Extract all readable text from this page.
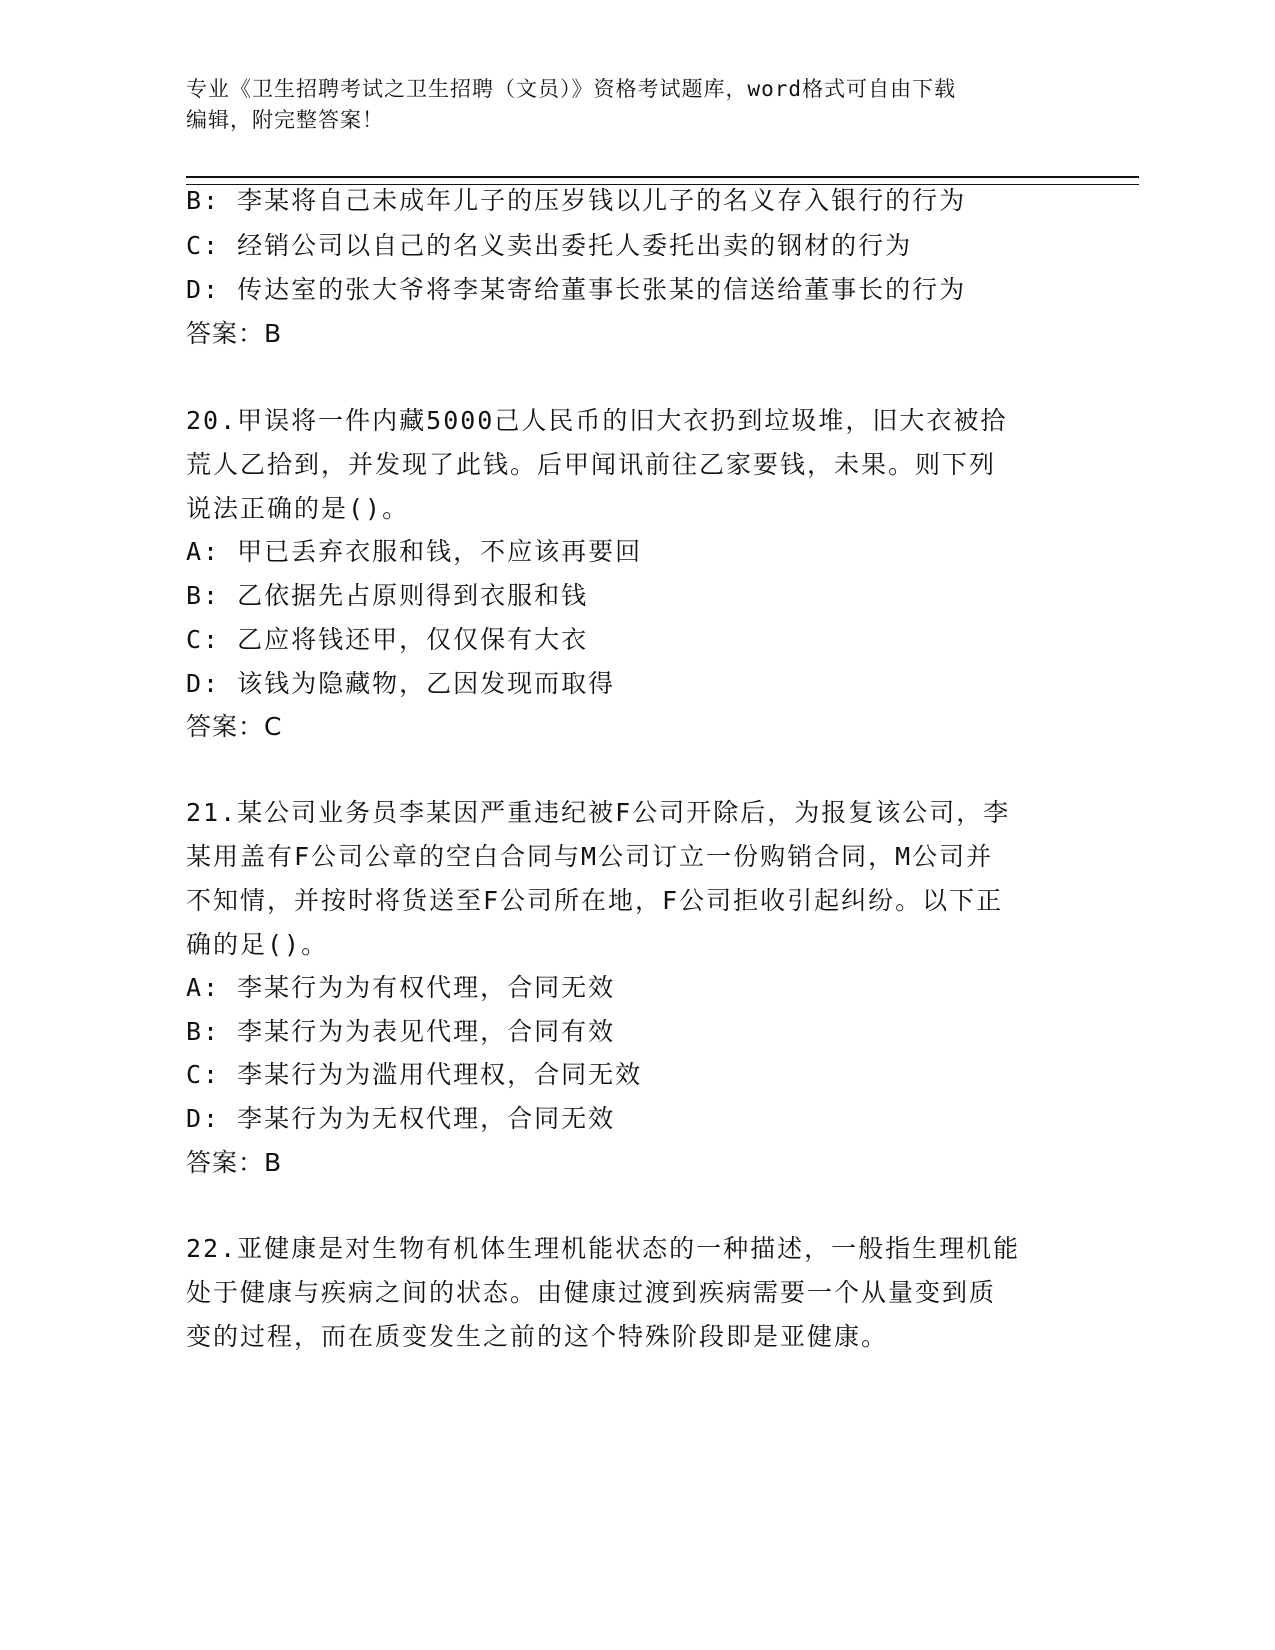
专业《卫生招聘考试之卫生招聘（文员）》资格考试题库，word格式可自由下载
编辑，附完整答案！
B: 李某将自己未成年儿子的压岁钱以儿子的名义存入银行的行为
C: 经销公司以自己的名义卖出委托人委托出卖的钢材的行为
D: 传达室的张大爷将李某寄给董事长张某的信送给董事长的行为
答案：B
20.甲误将一件内藏5000己人民币的旧大衣扔到垃圾堆，旧大衣被拾
荒人乙拾到，并发现了此钱。后甲闻讯前往乙家要钱，未果。则下列
说法正确的是()。
A: 甲已丢弃衣服和钱，不应该再要回
B: 乙依据先占原则得到衣服和钱
C: 乙应将钱还甲，仅仅保有大衣
D: 该钱为隐藏物，乙因发现而取得
答案：C
21.某公司业务员李某因严重违纪被F公司开除后，为报复该公司，李
某用盖有F公司公章的空白合同与M公司订立一份购销合同，M公司并
不知情，并按时将货送至F公司所在地，F公司拒收引起纠纷。以下正
确的足()。
A: 李某行为为有权代理，合同无效
B: 李某行为为表见代理，合同有效
C: 李某行为为滥用代理权，合同无效
D: 李某行为为无权代理，合同无效
答案：B
22.亚健康是对生物有机体生理机能状态的一种描述，一般指生理机能
处于健康与疾病之间的状态。由健康过渡到疾病需要一个从量变到质
变的过程，而在质变发生之前的这个特殊阶段即是亚健康。
